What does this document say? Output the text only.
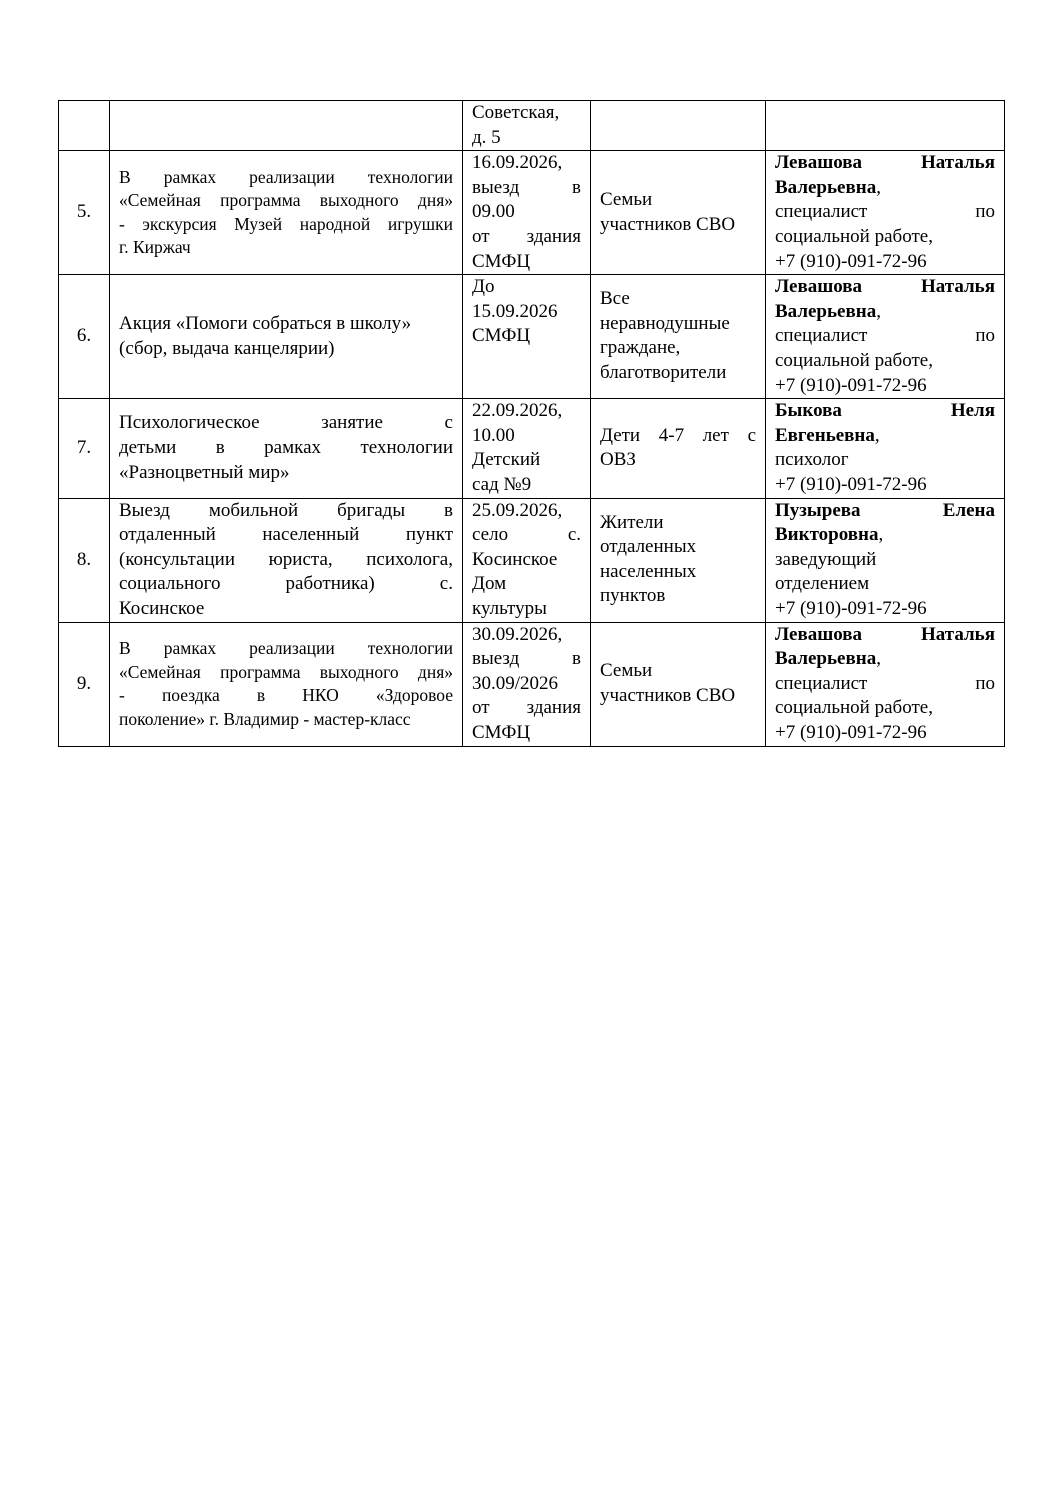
		Советская,
д. 5		

5.	В рамках реализации технологии
«Семейная программа выходного дня»
- экскурсия Музей народной игрушки
г. Киржач	16.09.2026,
выезд в
09.00
от здания
СМФЦ	Семьи
участников СВО	Левашова Наталья
Валерьевна,
специалист по
социальной работе,
+7 (910)-091-72-96

6.	Акция «Помоги собраться в школу»
(сбор, выдача канцелярии)	До
15.09.2026
СМФЦ	Все
неравнодушные
граждане,
благотворители	Левашова Наталья
Валерьевна,
специалист по
социальной работе,
+7 (910)-091-72-96

7.	Психологическое занятие с
детьми в рамках технологии
«Разноцветный мир»	22.09.2026,
10.00
Детский
сад №9	Дети 4-7 лет с
ОВЗ	Быкова Неля
Евгеньевна,
психолог
+7 (910)-091-72-96

8.	Выезд мобильной бригады в
отдаленный населенный пункт
(консультации юриста, психолога,
социального работника) с.
Косинское	25.09.2026,
село с.
Косинское
Дом
культуры	Жители
отдаленных
населенных
пунктов	Пузырева Елена
Викторовна,
заведующий
отделением
+7 (910)-091-72-96

9.	В рамках реализации технологии
«Семейная программа выходного дня»
- поездка в НКО «Здоровое
поколение» г. Владимир - мастер-класс	30.09.2026,
выезд в
30.09/2026
от здания
СМФЦ	Семьи
участников СВО	Левашова Наталья
Валерьевна,
специалист по
социальной работе,
+7 (910)-091-72-96
